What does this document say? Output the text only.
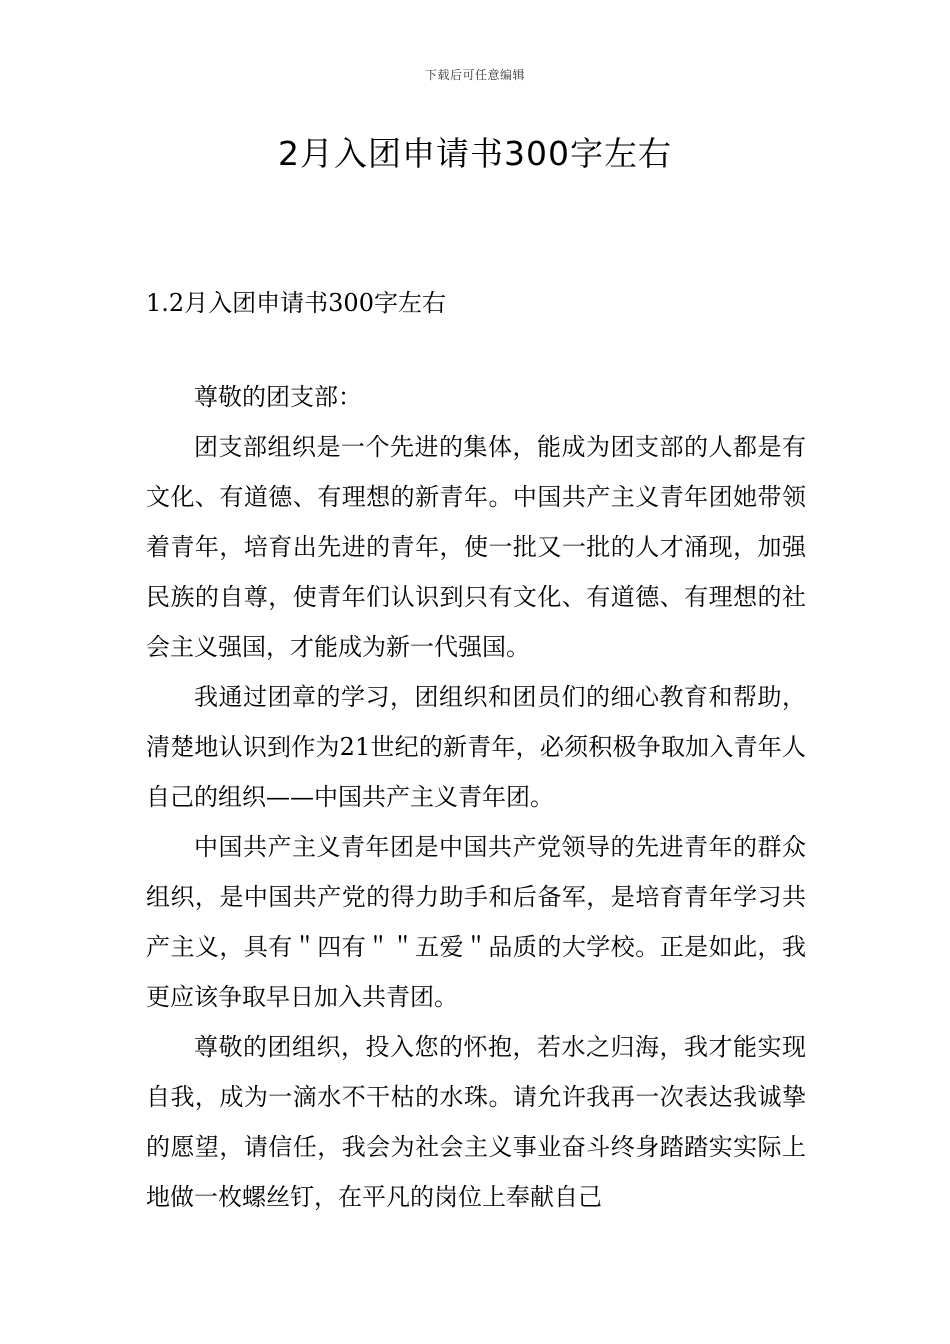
下载后可任意编辑
2月入团申请书300字左右
1.2月入团申请书300字左右

尊敬的团支部：

团支部组织是一个先进的集体，能成为团支部的人都是有文化、有道德、有理想的新青年。中国共产主义青年团她带领着青年，培育出先进的青年，使一批又一批的人才涌现，加强民族的自尊，使青年们认识到只有文化、有道德、有理想的社会主义强国，才能成为新一代强国。

我通过团章的学习，团组织和团员们的细心教育和帮助，清楚地认识到作为21世纪的新青年，必须积极争取加入青年人自己的组织——中国共产主义青年团。

中国共产主义青年团是中国共产党领导的先进青年的群众组织，是中国共产党的得力助手和后备军，是培育青年学习共产主义，具有＂四有＂＂五爱＂品质的大学校。正是如此，我更应该争取早日加入共青团。

尊敬的团组织，投入您的怀抱，若水之归海，我才能实现自我，成为一滴水不干枯的水珠。请允许我再一次表达我诚挚的愿望，请信任，我会为社会主义事业奋斗终身踏踏实实际上地做一枚螺丝钉，在平凡的岗位上奉献自己
